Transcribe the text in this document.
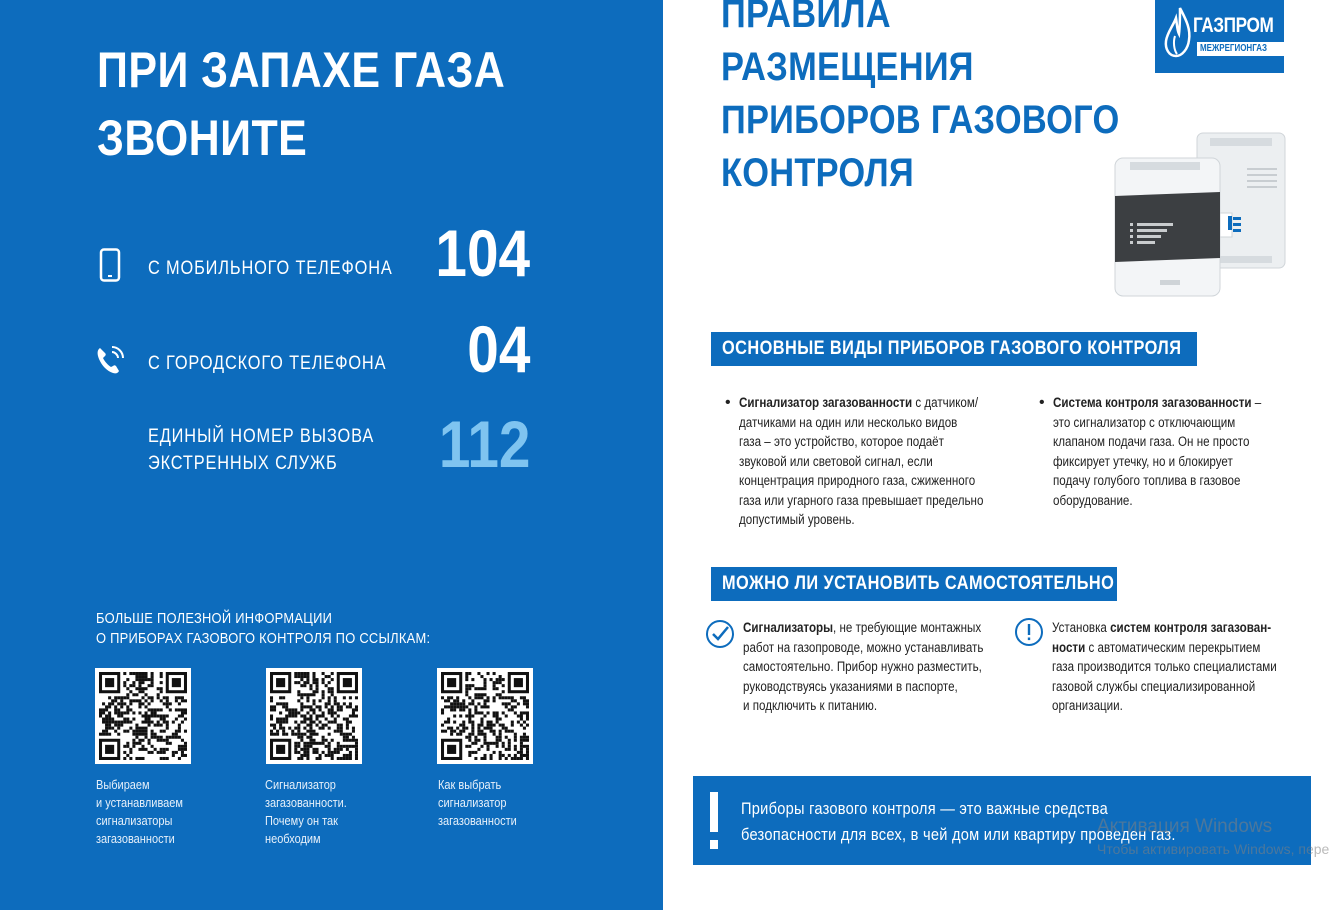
ПРИ ЗАПАХЕ ГАЗА
ЗВОНИТЕ
С МОБИЛЬНОГО ТЕЛЕФОНА 104
С ГОРОДСКОГО ТЕЛЕФОНА	04
ЕДИНЫЙ НОМЕР ВЫЗОВА
ЭКСТРЕННЫХ СЛУЖБ	112
БОЛЬШЕ ПОЛЕЗНОЙ ИНФОРМАЦИИ
О ПРИБОРАХ ГАЗОВОГО КОНТРОЛЯ ПО ССЫЛКАМ:
Выбираем
и устанавливаем
сигнализаторы
загазованности
Сигнализатор
загазованности.
Почему он так
необходим
Как выбрать
сигнализатор
загазованности
ПРАВИЛА
РАЗМЕЩЕНИЯ
ПРИБОРОВ ГАЗОВОГО
КОНТРОЛЯ
ГАЗПРОМ
МЕЖРЕГИОНГАЗ
ОСНОВНЫЕ ВИДЫ ПРИБОРОВ ГАЗОВОГО КОНТРОЛЯ
• Сигнализатор загазованности с датчиком/
датчиками на один или несколько видов
газа – это устройство, которое подаёт
звуковой или световой сигнал, если
концентрация природного газа, сжиженного
газа или угарного газа превышает предельно
допустимый уровень.
• Система контроля загазованности –
это сигнализатор с отключающим
клапаном подачи газа. Он не просто
фиксирует утечку, но и блокирует
подачу голубого топлива в газовое
оборудование.
МОЖНО ЛИ УСТАНОВИТЬ САМОСТОЯТЕЛЬНО
Сигнализаторы, не требующие монтажных
работ на газопроводе, можно устанавливать
самостоятельно. Прибор нужно разместить,
руководствуясь указаниями в паспорте,
и подключить к питанию.
Установка систем контроля загазован-
ности с автоматическим перекрытием
газа производится только специалистами
газовой службы специализированной
организации.
Приборы газового контроля — это важные средства
безопасности для всех, в чей дом или квартиру проведен газ.
Активация Windows
Чтобы активировать Windows, пере
